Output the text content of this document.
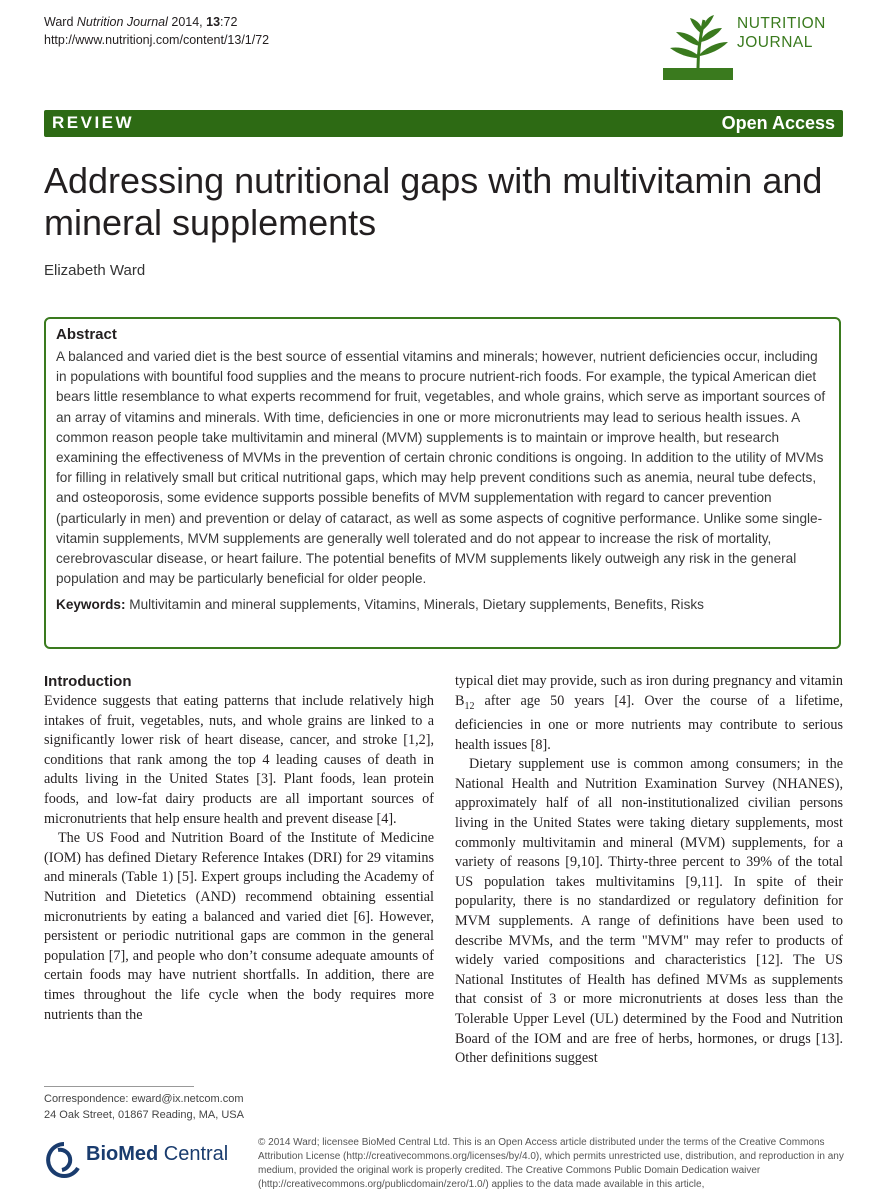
Ward Nutrition Journal 2014, 13:72
http://www.nutritionj.com/content/13/1/72
NUTRITION
JOURNAL
REVIEW	Open Access
Addressing nutritional gaps with multivitamin and mineral supplements
Elizabeth Ward
Abstract

A balanced and varied diet is the best source of essential vitamins and minerals; however, nutrient deficiencies occur, including in populations with bountiful food supplies and the means to procure nutrient-rich foods. For example, the typical American diet bears little resemblance to what experts recommend for fruit, vegetables, and whole grains, which serve as important sources of an array of vitamins and minerals. With time, deficiencies in one or more micronutrients may lead to serious health issues. A common reason people take multivitamin and mineral (MVM) supplements is to maintain or improve health, but research examining the effectiveness of MVMs in the prevention of certain chronic conditions is ongoing. In addition to the utility of MVMs for filling in relatively small but critical nutritional gaps, which may help prevent conditions such as anemia, neural tube defects, and osteoporosis, some evidence supports possible benefits of MVM supplementation with regard to cancer prevention (particularly in men) and prevention or delay of cataract, as well as some aspects of cognitive performance. Unlike some single-vitamin supplements, MVM supplements are generally well tolerated and do not appear to increase the risk of mortality, cerebrovascular disease, or heart failure. The potential benefits of MVM supplements likely outweigh any risk in the general population and may be particularly beneficial for older people.

Keywords: Multivitamin and mineral supplements, Vitamins, Minerals, Dietary supplements, Benefits, Risks
Introduction

Evidence suggests that eating patterns that include relatively high intakes of fruit, vegetables, nuts, and whole grains are linked to a significantly lower risk of heart disease, cancer, and stroke [1,2], conditions that rank among the top 4 leading causes of death in adults living in the United States [3]. Plant foods, lean protein foods, and low-fat dairy products are all important sources of micronutrients that help ensure health and prevent disease [4].

The US Food and Nutrition Board of the Institute of Medicine (IOM) has defined Dietary Reference Intakes (DRI) for 29 vitamins and minerals (Table 1) [5]. Expert groups including the Academy of Nutrition and Dietetics (AND) recommend obtaining essential micronutrients by eating a balanced and varied diet [6]. However, persistent or periodic nutritional gaps are common in the general population [7], and people who don’t consume adequate amounts of certain foods may have nutrient shortfalls. In addition, there are times throughout the life cycle when the body requires more nutrients than the

typical diet may provide, such as iron during pregnancy and vitamin $B_{12}$ after age 50 years [4]. Over the course of a lifetime, deficiencies in one or more nutrients may contribute to serious health issues [8].

Dietary supplement use is common among consumers; in the National Health and Nutrition Examination Survey (NHANES), approximately half of all non-institutionalized civilian persons living in the United States were taking dietary supplements, most commonly multivitamin and mineral (MVM) supplements, for a variety of reasons [9,10]. Thirty-three percent to 39% of the total US population takes multivitamins [9,11]. In spite of their popularity, there is no standardized or regulatory definition for MVM supplements. A range of definitions have been used to describe MVMs, and the term "MVM" may refer to products of widely varied compositions and characteristics [12]. The US National Institutes of Health has defined MVMs as supplements that consist of 3 or more micronutrients at doses less than the Tolerable Upper Level (UL) determined by the Food and Nutrition Board of the IOM and are free of herbs, hormones, or drugs [13]. Other definitions suggest

Correspondence: eward@ix.netcom.com
24 Oak Street, 01867 Reading, MA, USA
BioMed Central
© 2014 Ward; licensee BioMed Central Ltd. This is an Open Access article distributed under the terms of the Creative Commons Attribution License (http://creativecommons.org/licenses/by/4.0), which permits unrestricted use, distribution, and reproduction in any medium, provided the original work is properly credited. The Creative Commons Public Domain Dedication waiver (http://creativecommons.org/publicdomain/zero/1.0/) applies to the data made available in this article,
